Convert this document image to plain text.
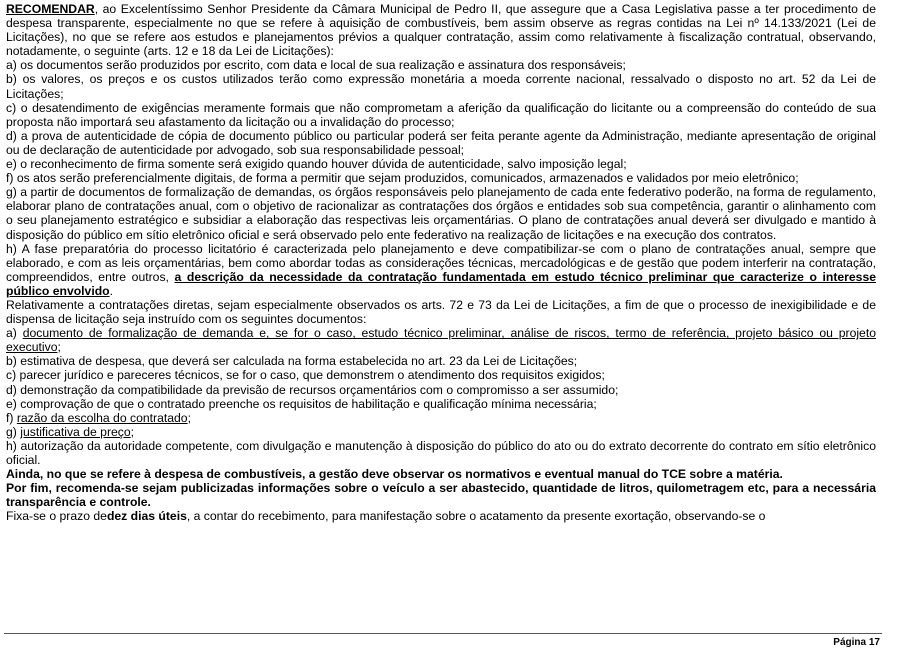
RECOMENDAR, ao Excelentíssimo Senhor Presidente da Câmara Municipal de Pedro II, que assegure que a Casa Legislativa passe a ter procedimento de despesa transparente, especialmente no que se refere à aquisição de combustíveis, bem assim observe as regras contidas na Lei nº 14.133/2021 (Lei de Licitações), no que se refere aos estudos e planejamentos prévios a qualquer contratação, assim como relativamente à fiscalização contratual, observando, notadamente, o seguinte (arts. 12 e 18 da Lei de Licitações):

a) os documentos serão produzidos por escrito, com data e local de sua realização e assinatura dos responsáveis;

b) os valores, os preços e os custos utilizados terão como expressão monetária a moeda corrente nacional, ressalvado o disposto no art. 52 da Lei de Licitações;

c) o desatendimento de exigências meramente formais que não comprometam a aferição da qualificação do licitante ou a compreensão do conteúdo de sua proposta não importará seu afastamento da licitação ou a invalidação do processo;

d) a prova de autenticidade de cópia de documento público ou particular poderá ser feita perante agente da Administração, mediante apresentação de original ou de declaração de autenticidade por advogado, sob sua responsabilidade pessoal;

e) o reconhecimento de firma somente será exigido quando houver dúvida de autenticidade, salvo imposição legal;

f) os atos serão preferencialmente digitais, de forma a permitir que sejam produzidos, comunicados, armazenados e validados por meio eletrônico;

g) a partir de documentos de formalização de demandas, os órgãos responsáveis pelo planejamento de cada ente federativo poderão, na forma de regulamento, elaborar plano de contratações anual, com o objetivo de racionalizar as contratações dos órgãos e entidades sob sua competência, garantir o alinhamento com o seu planejamento estratégico e subsidiar a elaboração das respectivas leis orçamentárias. O plano de contratações anual deverá ser divulgado e mantido à disposição do público em sítio eletrônico oficial e será observado pelo ente federativo na realização de licitações e na execução dos contratos.

h) A fase preparatória do processo licitatório é caracterizada pelo planejamento e deve compatibilizar-se com o plano de contratações anual, sempre que elaborado, e com as leis orçamentárias, bem como abordar todas as considerações técnicas, mercadológicas e de gestão que podem interferir na contratação, compreendidos, entre outros, a descrição da necessidade da contratação fundamentada em estudo técnico preliminar que caracterize o interesse público envolvido.

Relativamente a contratações diretas, sejam especialmente observados os arts. 72 e 73 da Lei de Licitações, a fim de que o processo de inexigibilidade e de dispensa de licitação seja instruído com os seguintes documentos:

a) documento de formalização de demanda e, se for o caso, estudo técnico preliminar, análise de riscos, termo de referência, projeto básico ou projeto executivo;

b) estimativa de despesa, que deverá ser calculada na forma estabelecida no art. 23 da Lei de Licitações;

c) parecer jurídico e pareceres técnicos, se for o caso, que demonstrem o atendimento dos requisitos exigidos;

d) demonstração da compatibilidade da previsão de recursos orçamentários com o compromisso a ser assumido;

e) comprovação de que o contratado preenche os requisitos de habilitação e qualificação mínima necessária;

f) razão da escolha do contratado;

g) justificativa de preço;

h) autorização da autoridade competente, com divulgação e manutenção à disposição do público do ato ou do extrato decorrente do contrato em sítio eletrônico oficial.

Ainda, no que se refere à despesa de combustíveis, a gestão deve observar os normativos e eventual manual do TCE sobre a matéria.

Por fim, recomenda-se sejam publicizadas informações sobre o veículo a ser abastecido, quantidade de litros, quilometragem etc, para a necessária transparência e controle.

Fixa-se o prazo dedez dias úteis, a contar do recebimento, para manifestação sobre o acatamento da presente exortação, observando-se o

Página 17
